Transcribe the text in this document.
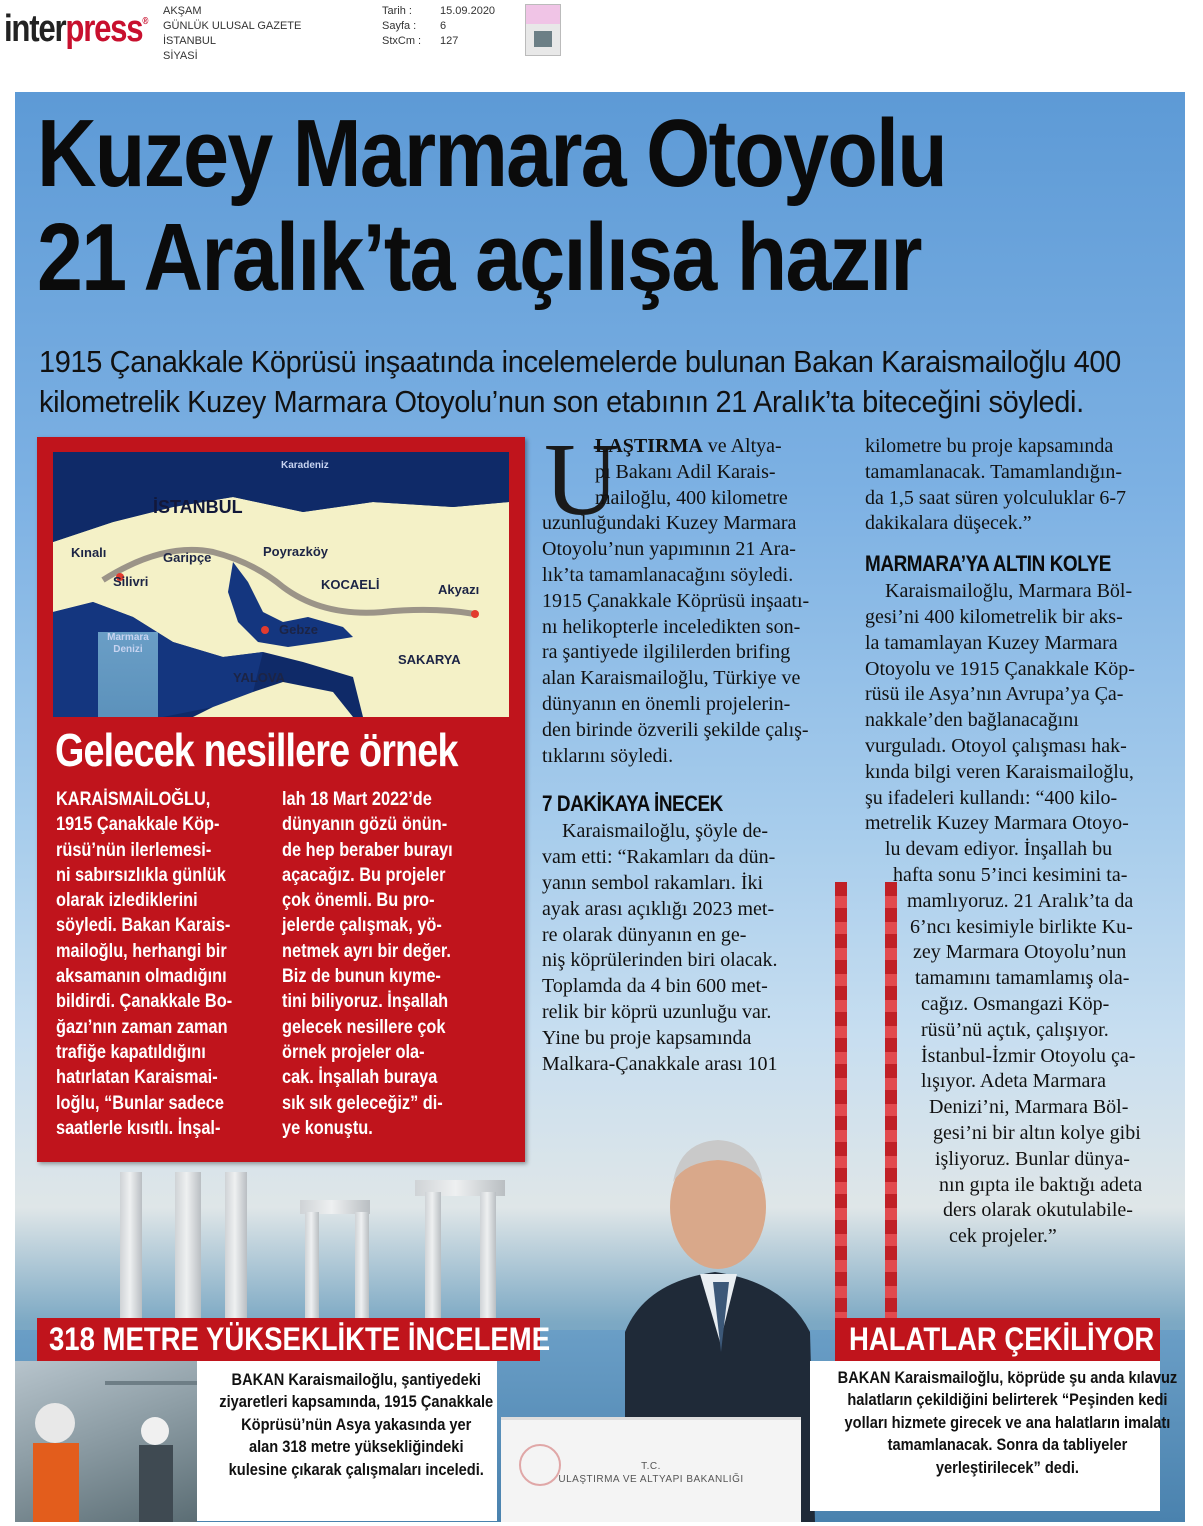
interpress®
AKŞAM
GÜNLÜK ULUSAL GAZETE
İSTANBUL
SİYASİ
Tarih :	15.09.2020
Sayfa :	6
StxCm :	127
T.C.
ULAŞTIRMA VE ALTYAPI BAKANLIĞI
Kuzey Marmara Otoyolu
21 Aralık’ta açılışa hazır
1915 Çanakkale Köprüsü inşaatında incelemelerde bulunan Bakan Karaismailoğlu 400
kilometrelik Kuzey Marmara Otoyolu’nun son etabının 21 Aralık’ta biteceğini söyledi.
Karadeniz
İSTANBUL
Kınalı	Garipçe	Poyrazköy
Silivri	KOCAELİ	Akyazı
Gebze
Marmara Denizi
SAKARYA
YALOVA
Gelecek nesillere örnek
KARAİSMAİLOĞLU,
1915 Çanakkale Köp-
rüsü’nün ilerlemesi-
ni sabırsızlıkla günlük
olarak izlediklerini
söyledi. Bakan Karais-
mailoğlu, herhangi bir
aksamanın olmadığını
bildirdi. Çanakkale Bo-
ğazı’nın zaman zaman
trafiğe kapatıldığını
hatırlatan Karaismai-
loğlu, “Bunlar sadece
saatlerle kısıtlı. İnşal-
lah 18 Mart 2022’de
dünyanın gözü önün-
de hep beraber burayı
açacağız. Bu projeler
çok önemli. Bu pro-
jelerde çalışmak, yö-
netmek ayrı bir değer.
Biz de bunun kıyme-
tini biliyoruz. İnşallah
gelecek nesillere çok
örnek projeler ola-
cak. İnşallah buraya
sık sık geleceğiz” di-
ye konuştu.
U
LAŞTIRMA ve Altya-
pı Bakanı Adil Karais-
mailoğlu, 400 kilometre
uzunluğundaki Kuzey Marmara
Otoyolu’nun yapımının 21 Ara-
lık’ta tamamlanacağını söyledi.
1915 Çanakkale Köprüsü inşaatı-
nı helikopterle inceledikten son-
ra şantiyede ilgililerden brifing
alan Karaismailoğlu, Türkiye ve
dünyanın en önemli projelerin-
den birinde özverili şekilde çalış-
tıklarını söyledi.
7 DAKİKAYA İNECEK
Karaismailoğlu, şöyle de-
vam etti: “Rakamları da dün-
yanın sembol rakamları. İki
ayak arası açıklığı 2023 met-
re olarak dünyanın en ge-
niş köprülerinden biri olacak.
Toplamda da 4 bin 600 met-
relik bir köprü uzunluğu var.
Yine bu proje kapsamında
Malkara-Çanakkale arası 101
kilometre bu proje kapsamında
tamamlanacak. Tamamlandığın-
da 1,5 saat süren yolculuklar 6-7
dakikalara düşecek.”
MARMARA’YA ALTIN KOLYE
Karaismailoğlu, Marmara Böl-
gesi’ni 400 kilometrelik bir aks-
la tamamlayan Kuzey Marmara
Otoyolu ve 1915 Çanakkale Köp-
rüsü ile Asya’nın Avrupa’ya Ça-
nakkale’den bağlanacağını
vurguladı. Otoyol çalışması hak-
kında bilgi veren Karaismailoğlu,
şu ifadeleri kullandı: “400 kilo-
metrelik Kuzey Marmara Otoyo-
lu devam ediyor. İnşallah bu
hafta sonu 5’inci kesimini ta-
mamlıyoruz. 21 Aralık’ta da
6’ncı kesimiyle birlikte Ku-
zey Marmara Otoyolu’nun
tamamını tamamlamış ola-
cağız. Osmangazi Köp-
rüsü’nü açtık, çalışıyor.
İstanbul-İzmir Otoyolu ça-
lışıyor. Adeta Marmara
Denizi’ni, Marmara Böl-
gesi’ni bir altın kolye gibi
işliyoruz. Bunlar dünya-
nın gıpta ile baktığı adeta
ders olarak okutulabile-
cek projeler.”
318 METRE YÜKSEKLİKTE İNCELEME
BAKAN Karaismailoğlu, şantiyedeki
ziyaretleri kapsamında, 1915 Çanakkale
Köprüsü’nün Asya yakasında yer
alan 318 metre yüksekliğindeki
kulesine çıkarak çalışmaları inceledi.
HALATLAR ÇEKİLİYOR
BAKAN Karaismailoğlu, köprüde şu anda kılavuz
halatların çekildiğini belirterek “Peşinden kedi
yolları hizmete girecek ve ana halatların imalatı
tamamlanacak. Sonra da tabliyeler
yerleştirilecek” dedi.
